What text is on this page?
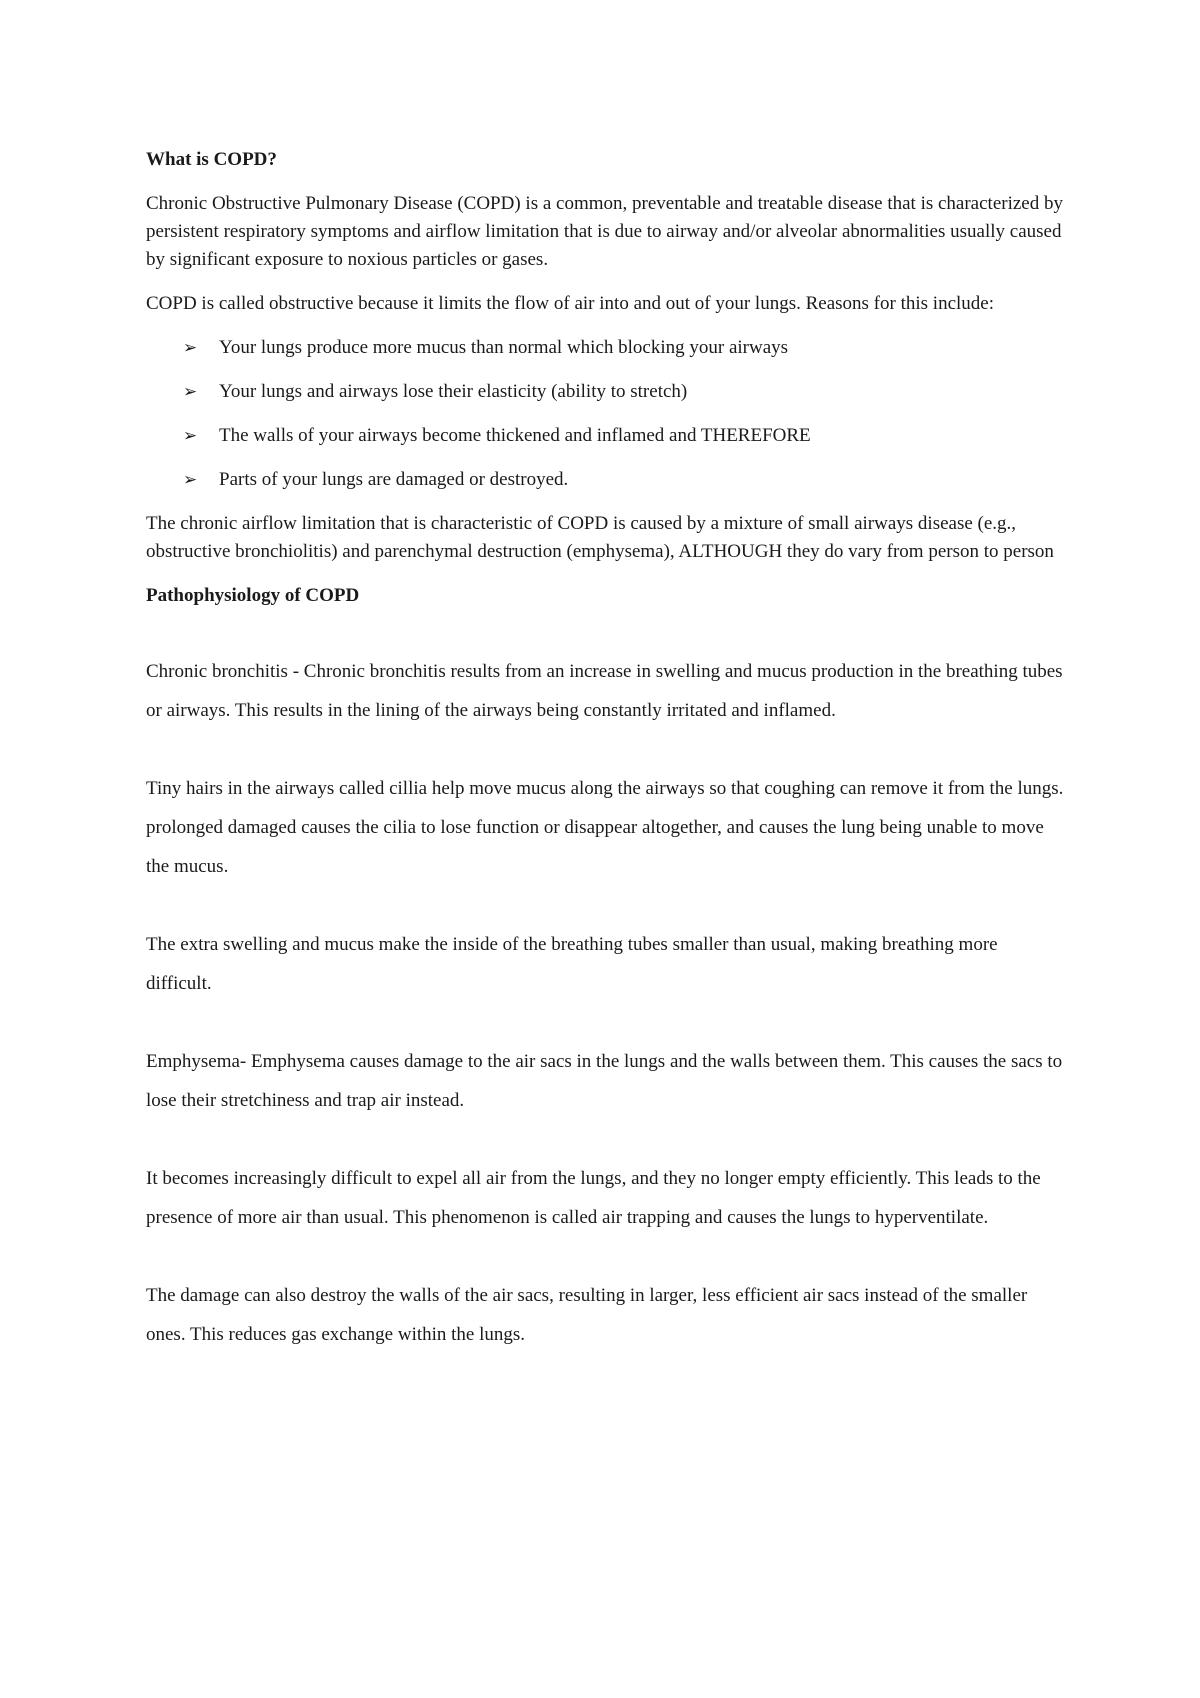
What is COPD?

Chronic Obstructive Pulmonary Disease (COPD) is a common, preventable and treatable disease that is characterized by persistent respiratory symptoms and airflow limitation that is due to airway and/or alveolar abnormalities usually caused by significant exposure to noxious particles or gases.

COPD is called obstructive because it limits the flow of air into and out of your lungs. Reasons for this include:

➢ Your lungs produce more mucus than normal which blocking your airways
➢ Your lungs and airways lose their elasticity (ability to stretch)
➢ The walls of your airways become thickened and inflamed and THEREFORE
➢ Parts of your lungs are damaged or destroyed.

The chronic airflow limitation that is characteristic of COPD is caused by a mixture of small airways disease (e.g., obstructive bronchiolitis) and parenchymal destruction (emphysema), ALTHOUGH they do vary from person to person

Pathophysiology of COPD

Chronic bronchitis - Chronic bronchitis results from an increase in swelling and mucus production in the breathing tubes or airways. This results in the lining of the airways being constantly irritated and inflamed.

Tiny hairs in the airways called cillia help move mucus along the airways so that coughing can remove it from the lungs. prolonged damaged causes the cilia to lose function or disappear altogether, and causes the lung being unable to move the mucus.

The extra swelling and mucus make the inside of the breathing tubes smaller than usual, making breathing more difficult.

Emphysema- Emphysema causes damage to the air sacs in the lungs and the walls between them. This causes the sacs to lose their stretchiness and trap air instead.

It becomes increasingly difficult to expel all air from the lungs, and they no longer empty efficiently. This leads to the presence of more air than usual. This phenomenon is called air trapping and causes the lungs to hyperventilate.

The damage can also destroy the walls of the air sacs, resulting in larger, less efficient air sacs instead of the smaller ones. This reduces gas exchange within the lungs.
